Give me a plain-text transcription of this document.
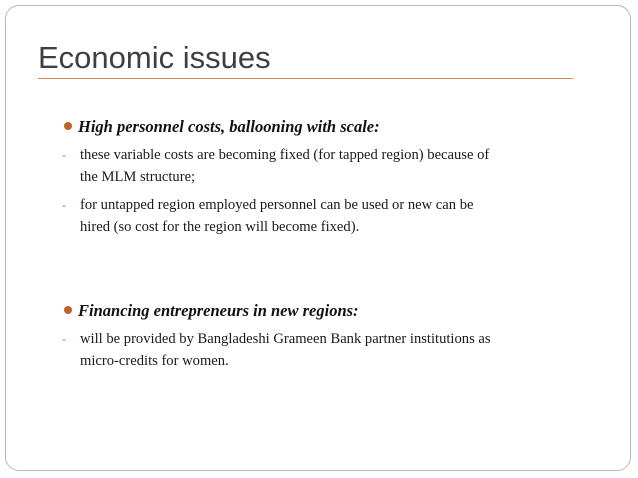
Economic issues
High personnel costs, ballooning with scale:
- these variable costs are becoming fixed (for tapped region) because of
the MLM structure;
- for untapped region employed personnel can be used or new can be
hired (so cost for the region will become fixed).
Financing entrepreneurs in new regions:
- will be provided by Bangladeshi Grameen Bank partner institutions as
micro-credits for women.
